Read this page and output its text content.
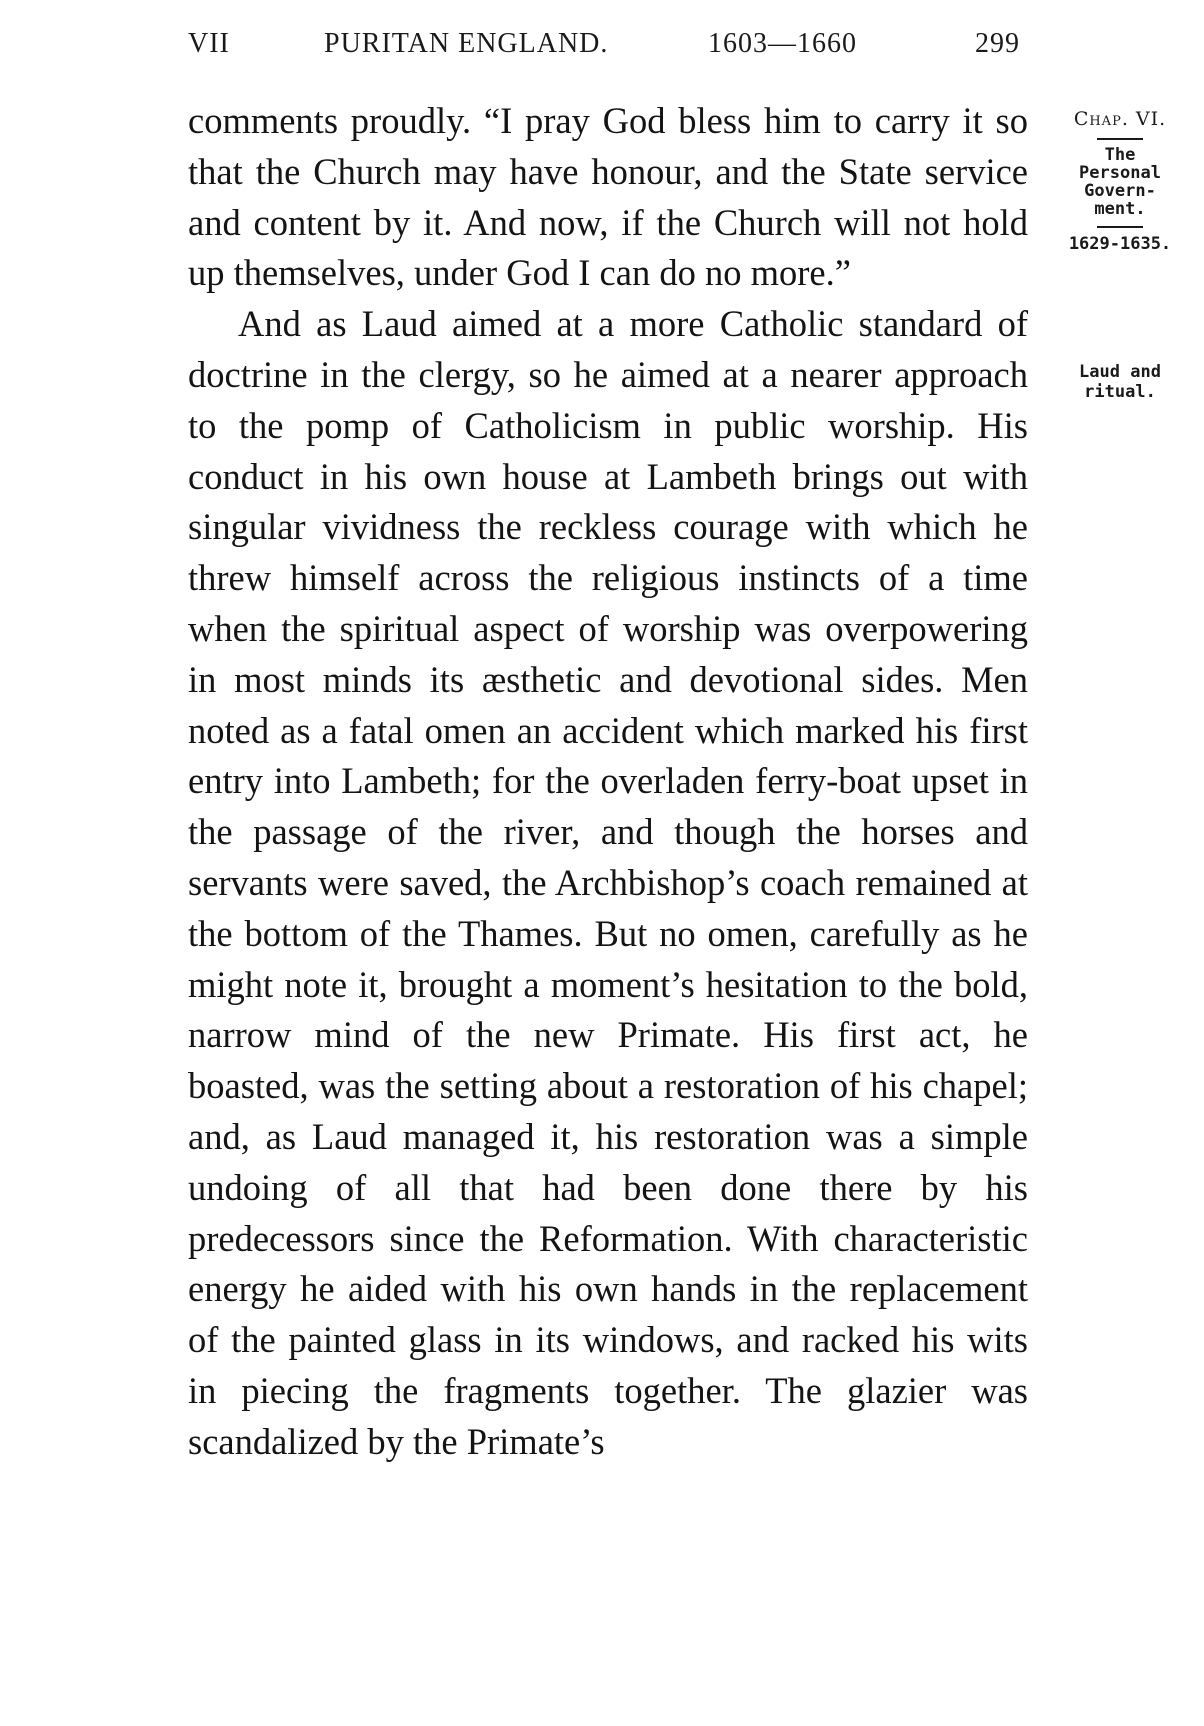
VII	PURITAN ENGLAND.	1603—1660	299

comments proudly. “I pray God bless him to carry it so that the Church may have honour, and the State service and content by it. And now, if the Church will not hold up themselves, under God I can do no more.”

And as Laud aimed at a more Catholic standard of doctrine in the clergy, so he aimed at a nearer approach to the pomp of Catholicism in public worship. His conduct in his own house at Lambeth brings out with singular vividness the reckless courage with which he threw himself across the religious instincts of a time when the spiritual aspect of worship was overpowering in most minds its æsthetic and devotional sides. Men noted as a fatal omen an accident which marked his first entry into Lambeth; for the overladen ferry-boat upset in the passage of the river, and though the horses and servants were saved, the Archbishop’s coach remained at the bottom of the Thames. But no omen, carefully as he might note it, brought a moment’s hesitation to the bold, narrow mind of the new Primate. His first act, he boasted, was the setting about a restoration of his chapel; and, as Laud managed it, his restoration was a simple undoing of all that had been done there by his predecessors since the Reformation. With characteristic energy he aided with his own hands in the replacement of the painted glass in its windows, and racked his wits in piecing the fragments together. The glazier was scandalized by the Primate’s

Chap. VI.
The
Personal
Govern-
ment.
1629-1635.
Laud and
ritual.
